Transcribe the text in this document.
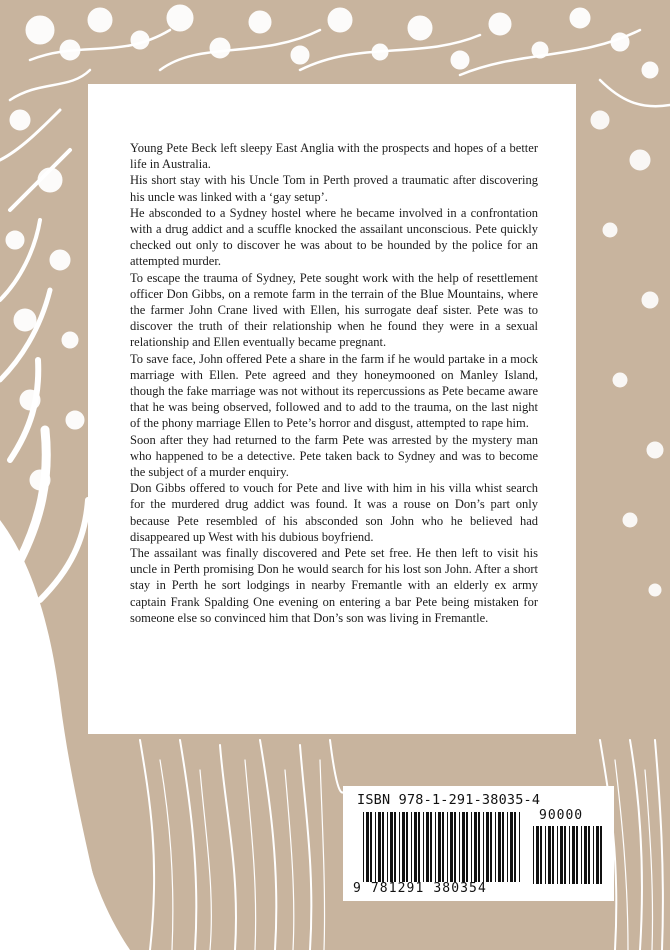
Young Pete Beck left sleepy East Anglia with the prospects and hopes of a better life in Australia.

His short stay with his Uncle Tom in Perth proved a traumatic after discovering his uncle was linked with a ‘gay setup’.

He absconded to a Sydney hostel where he became involved in a confrontation with a drug addict and a scuffle knocked the assailant unconscious. Pete quickly checked out only to discover he was about to be hounded by the police for an attempted murder.

To escape the trauma of Sydney, Pete sought work with the help of resettlement officer Don Gibbs, on a remote farm in the terrain of the Blue Mountains, where the farmer John Crane lived with Ellen, his surrogate deaf sister. Pete was to discover the truth of their relationship when he found they were in a sexual relationship and Ellen eventually became pregnant.

To save face, John offered Pete a share in the farm if he would partake in a mock marriage with Ellen. Pete agreed and they honeymooned on Manley Island, though the fake marriage was not without its repercussions as Pete became aware that he was being observed, followed and to add to the trauma, on the last night of the phony marriage Ellen to Pete’s horror and disgust, attempted to rape him.

Soon after they had returned to the farm Pete was arrested by the mystery man who happened to be a detective. Pete taken back to Sydney and was to become the subject of a murder enquiry.

Don Gibbs offered to vouch for Pete and live with him in his villa whist search for the murdered drug addict was found. It was a rouse on Don’s part only because Pete resembled of his absconded son John who he believed had disappeared up West with his dubious boyfriend.

The assailant was finally discovered and Pete set free. He then left to visit his uncle in Perth promising Don he would search for his lost son John. After a short stay in Perth he sort lodgings in nearby Fremantle with an elderly ex army captain Frank Spalding One evening on entering a bar Pete being mistaken for someone else so convinced him that Don’s son was living in Fremantle.

ISBN 978-1-291-38035-4
90000
9 781291 380354
